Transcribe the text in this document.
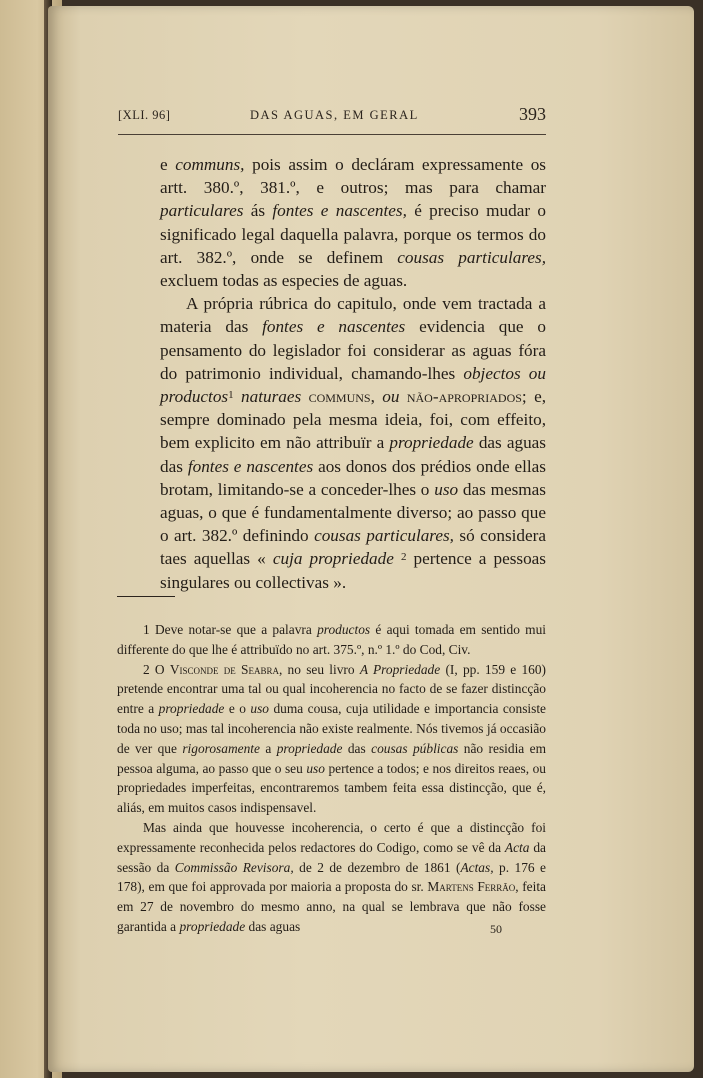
[XLI. 96]	DAS AGUAS, EM GERAL	393

e communs, pois assim o decláram expressamente os artt. 380.º, 381.º, e outros; mas para chamar particulares ás fontes e nascentes, é preciso mudar o significado legal daquella palavra, porque os termos do art. 382.º, onde se definem cousas particulares, excluem todas as especies de aguas.

A própria rúbrica do capitulo, onde vem tractada a materia das fontes e nascentes evidencia que o pensamento do legislador foi considerar as aguas fóra do patrimonio individual, chamando-lhes objectos ou productos$^1$ naturaes communs, ou não-apropriados; e, sempre dominado pela mesma ideia, foi, com effeito, bem explicito em não attribuïr a propriedade das aguas das fontes e nascentes aos donos dos prédios onde ellas brotam, limitando-se a conceder-lhes o uso das mesmas aguas, o que é fundamentalmente diverso; ao passo que o art. 382.º definindo cousas particulares, só considera taes aquellas « cuja propriedade $^2$ pertence a pessoas singulares ou collectivas ».

1 Deve notar-se que a palavra productos é aqui tomada em sentido mui differente do que lhe é attribuïdo no art. 375.º, n.º 1.º do Cod, Civ.

2 O Visconde de Seabra, no seu livro A Propriedade (I, pp. 159 e 160) pretende encontrar uma tal ou qual incoherencia no facto de se fazer distincção entre a propriedade e o uso duma cousa, cuja utilidade e importancia consiste toda no uso; mas tal incoherencia não existe realmente. Nós tivemos já occasião de ver que rigorosamente a propriedade das cousas públicas não residia em pessoa alguma, ao passo que o seu uso pertence a todos; e nos direitos reaes, ou propriedades imperfeitas, encontraremos tambem feita essa distincção, que é, aliás, em muitos casos indispensavel.

Mas ainda que houvesse incoherencia, o certo é que a distincção foi expressamente reconhecida pelos redactores do Codigo, como se vê da Acta da sessão da Commissão Revisora, de 2 de dezembro de 1861 (Actas, p. 176 e 178), em que foi approvada por maioria a proposta do sr. Martens Ferrão, feita em 27 de novembro do mesmo anno, na qual se lembrava que não fosse garantida a propriedade das aguas	50
